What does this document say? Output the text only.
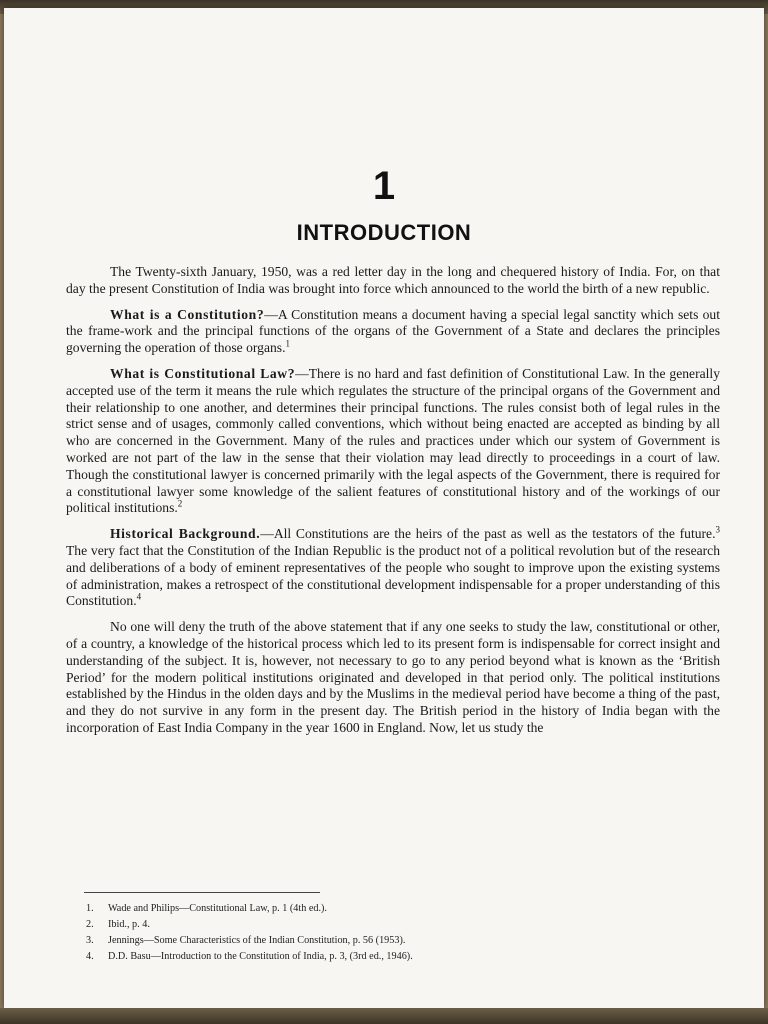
1
INTRODUCTION

The Twenty-sixth January, 1950, was a red letter day in the long and chequered history of India. For, on that day the present Constitution of India was brought into force which announced to the world the birth of a new republic.

What is a Constitution?—A Constitution means a document having a special legal sanctity which sets out the frame-work and the principal functions of the organs of the Government of a State and declares the principles governing the operation of those organs.$^1$

What is Constitutional Law?—There is no hard and fast definition of Constitutional Law. In the generally accepted use of the term it means the rule which regulates the structure of the principal organs of the Government and their relationship to one another, and determines their principal functions. The rules consist both of legal rules in the strict sense and of usages, commonly called conventions, which without being enacted are accepted as binding by all who are concerned in the Government. Many of the rules and practices under which our system of Government is worked are not part of the law in the sense that their violation may lead directly to proceedings in a court of law. Though the constitutional lawyer is concerned primarily with the legal aspects of the Government, there is required for a constitutional lawyer some knowledge of the salient features of constitutional history and of the workings of our political institutions.$^2$

Historical Background.—All Constitutions are the heirs of the past as well as the testators of the future.$^3$ The very fact that the Constitution of the Indian Republic is the product not of a political revolution but of the research and deliberations of a body of eminent representatives of the people who sought to improve upon the existing systems of administration, makes a retrospect of the constitutional development indispensable for a proper understanding of this Constitution.$^4$

No one will deny the truth of the above statement that if any one seeks to study the law, constitutional or other, of a country, a knowledge of the historical process which led to its present form is indispensable for correct insight and understanding of the subject. It is, however, not necessary to go to any period beyond what is known as the ‘British Period’ for the modern political institutions originated and developed in that period only. The political institutions established by the Hindus in the olden days and by the Muslims in the medieval period have become a thing of the past, and they do not survive in any form in the present day. The British period in the history of India began with the incorporation of East India Company in the year 1600 in England. Now, let us study the

1.	Wade and Philips—Constitutional Law, p. 1 (4th ed.).
2.	Ibid., p. 4.
3.	Jennings—Some Characteristics of the Indian Constitution, p. 56 (1953).
4.	D.D. Basu—Introduction to the Constitution of India, p. 3, (3rd ed., 1946).
